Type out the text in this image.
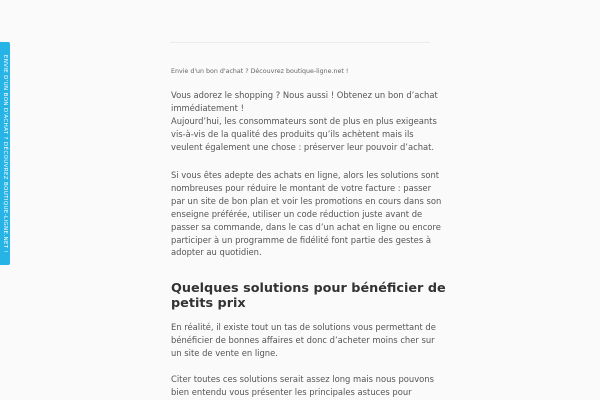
ENVIE D'UN BON D'ACHAT ? DÉCOUVREZ BOUTIQUE-LIGNE.NET !	Envie d'un bon d'achat ? Découvrez boutique-ligne.net !
Vous adorez le shopping ? Nous aussi ! Obtenez un bon d’achat
immédiatement !
Aujourd’hui, les consommateurs sont de plus en plus exigeants
vis-à-vis de la qualité des produits qu’ils achètent mais ils
veulent également une chose : préserver leur pouvoir d’achat.
Si vous êtes adepte des achats en ligne, alors les solutions sont
nombreuses pour réduire le montant de votre facture : passer
par un site de bon plan et voir les promotions en cours dans son
enseigne préférée, utiliser un code réduction juste avant de
passer sa commande, dans le cas d’un achat en ligne ou encore
participer à un programme de fidélité font partie des gestes à
adopter au quotidien.
Quelques solutions pour bénéficier de
petits prix
En réalité, il existe tout un tas de solutions vous permettant de
bénéficier de bonnes affaires et donc d’acheter moins cher sur
un site de vente en ligne.
Citer toutes ces solutions serait assez long mais nous pouvons
bien entendu vous présenter les principales astuces pour
